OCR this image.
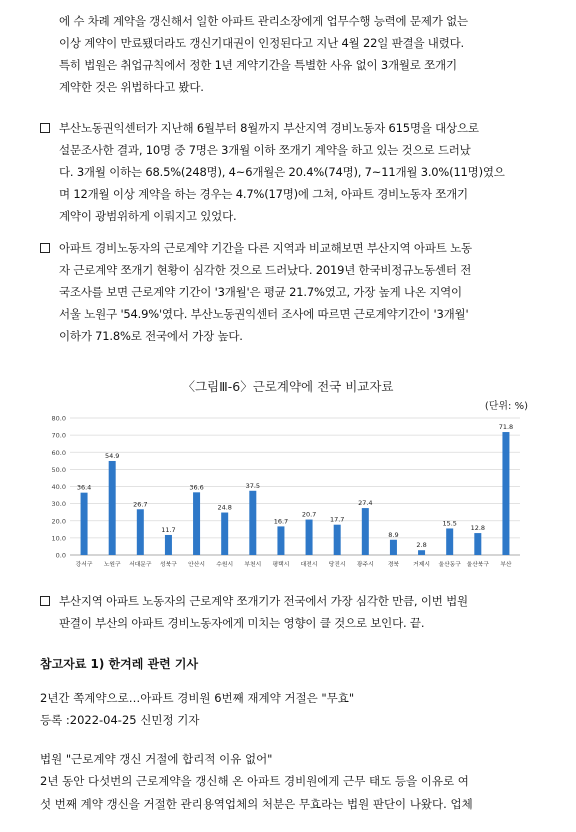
에 수 차례 계약을 갱신해서 일한 아파트 관리소장에게 업무수행 능력에 문제가 없는
이상 계약이 만료됐더라도 갱신기대권이 인정된다고 지난 4월 22일 판결을 내렸다.
특히 법원은 취업규칙에서 정한 1년 계약기간을 특별한 사유 없이 3개월로 쪼개기
계약한 것은 위법하다고 봤다.
부산노동권익센터가 지난해 6월부터 8월까지 부산지역 경비노동자 615명을 대상으로
설문조사한 결과, 10명 중 7명은 3개월 이하 쪼개기 계약을 하고 있는 것으로 드러났
다. 3개월 이하는 68.5%(248명), 4~6개월은 20.4%(74명), 7~11개월 3.0%(11명)였으
며 12개월 이상 계약을 하는 경우는 4.7%(17명)에 그쳐, 아파트 경비노동자 쪼개기
계약이 광범위하게 이뤄지고 있었다.
아파트 경비노동자의 근로계약 기간을 다른 지역과 비교해보면 부산지역 아파트 노동
자 근로계약 쪼개기 현황이 심각한 것으로 드러났다. 2019년 한국비정규노동센터 전
국조사를 보면 근로계약 기간이 '3개월'은 평균 21.7%였고, 가장 높게 나온 지역이
서울 노원구 '54.9%'였다. 부산노동권익센터 조사에 따르면 근로계약기간이 '3개월'
이하가 71.8%로 전국에서 가장 높다.
〈그림Ⅲ-6〉근로계약에 전국 비교자료
(단위: %)
0.0
10.0
20.0
30.0
40.0
50.0
60.0
70.0
80.0
36.4
강서구
54.9
노원구
26.7
서대문구
11.7
성북구
36.6
안산시
24.8
수원시
37.5
부천시
16.7
평택시
20.7
대전시
17.7
당진시
27.4
광주시
8.9
경북
2.8
거제시
15.5
울산동구
12.8
울산북구
71.8
부산
부산지역 아파트 노동자의 근로계약 쪼개기가 전국에서 가장 심각한 만큼, 이번 법원
판결이 부산의 아파트 경비노동자에게 미치는 영향이 클 것으로 보인다. 끝.
참고자료 1) 한겨레 관련 기사
2년간 쪽계약으로…아파트 경비원 6번째 재계약 거절은 "무효"
등록 :2022-04-25 신민정 기자
법원 "근로계약 갱신 거절에 합리적 이유 없어"
2년 동안 다섯번의 근로계약을 갱신해 온 아파트 경비원에게 근무 태도 등을 이유로 여
섯 번째 계약 갱신을 거절한 관리용역업체의 처분은 무효라는 법원 판단이 나왔다. 업체
